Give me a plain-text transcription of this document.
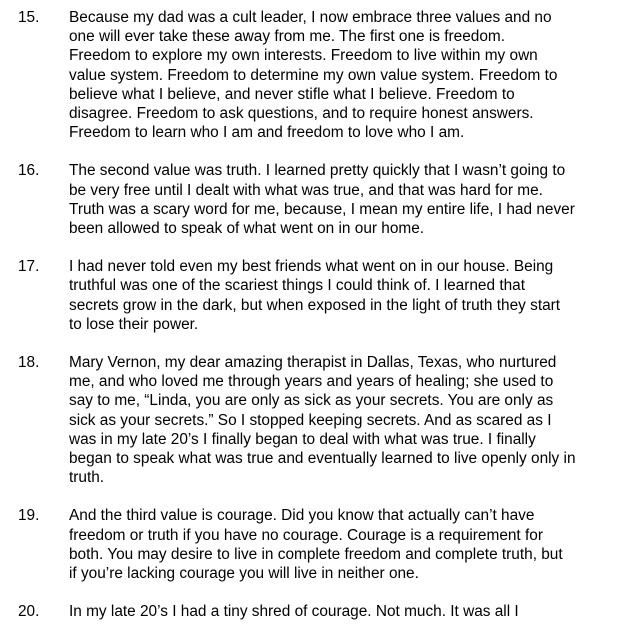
15. Because my dad was a cult leader, I now embrace three values and no
one will ever take these away from me. The first one is freedom.
Freedom to explore my own interests. Freedom to live within my own
value system. Freedom to determine my own value system. Freedom to
believe what I believe, and never stifle what I believe. Freedom to
disagree. Freedom to ask questions, and to require honest answers.
Freedom to learn who I am and freedom to love who I am.
16. The second value was truth. I learned pretty quickly that I wasn’t going to
be very free until I dealt with what was true, and that was hard for me.
Truth was a scary word for me, because, I mean my entire life, I had never
been allowed to speak of what went on in our home.
17. I had never told even my best friends what went on in our house. Being
truthful was one of the scariest things I could think of. I learned that
secrets grow in the dark, but when exposed in the light of truth they start
to lose their power.
18. Mary Vernon, my dear amazing therapist in Dallas, Texas, who nurtured
me, and who loved me through years and years of healing; she used to
say to me, “Linda, you are only as sick as your secrets. You are only as
sick as your secrets.” So I stopped keeping secrets. And as scared as I
was in my late 20’s I finally began to deal with what was true. I finally
began to speak what was true and eventually learned to live openly only in
truth.
19. And the third value is courage. Did you know that actually can’t have
freedom or truth if you have no courage. Courage is a requirement for
both. You may desire to live in complete freedom and complete truth, but
if you’re lacking courage you will live in neither one.
20. In my late 20’s I had a tiny shred of courage. Not much. It was all I
